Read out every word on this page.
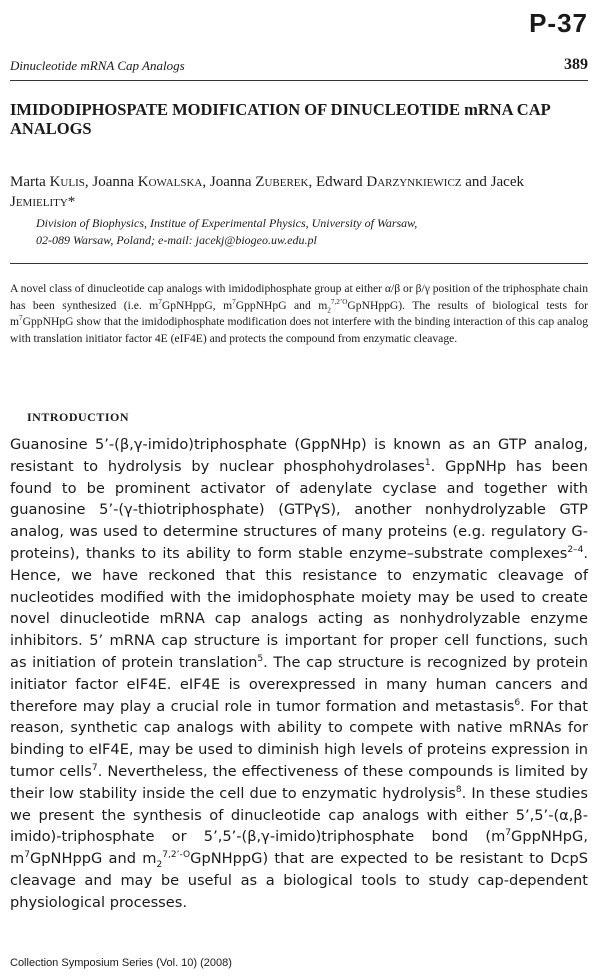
P-37
Dinucleotide mRNA Cap Analogs	389
IMIDODIPHOSPATE MODIFICATION OF DINUCLEOTIDE mRNA CAP ANALOGS
Marta Kulis, Joanna Kowalska, Joanna Zuberek, Edward Darzynkiewicz and Jacek Jemielity*
Division of Biophysics, Institue of Experimental Physics, University of Warsaw,
02-089 Warsaw, Poland; e-mail: jacekj@biogeo.uw.edu.pl
A novel class of dinucleotide cap analogs with imidodiphosphate group at either α/β or β/γ position of the triphosphate chain has been synthesized (i.e. $m^7GpNHppG$, $m^7GppNHpG$ and $m_2^{7,2’O}GpNHppG$). The results of biological tests for $m^7GppNHpG$ show that the imidodiphosphate modification does not interfere with the binding interaction of this cap analog with translation initiator factor 4E (eIF4E) and protects the compound from enzymatic cleavage.
INTRODUCTION

Guanosine 5’-(β,γ-imido)triphosphate (GppNHp) is known as an GTP analog, resistant to hydrolysis by nuclear phosphohydrolases$^1$. GppNHp has been found to be prominent activator of adenylate cyclase and together with guanosine 5’-(γ-thiotriphosphate) (GTPγS), another nonhydrolyzable GTP analog, was used to determine structures of many proteins (e.g. regulatory G-proteins), thanks to its ability to form stable enzyme–substrate complexes$^{2-4}$. Hence, we have reckoned that this resistance to enzymatic cleavage of nucleotides modified with the imidophosphate moiety may be used to create novel dinucleotide mRNA cap analogs acting as nonhydrolyzable enzyme inhibitors. 5’ mRNA cap structure is important for proper cell functions, such as initiation of protein translation$^5$. The cap structure is recognized by protein initiator factor eIF4E. eIF4E is overexpressed in many human cancers and therefore may play a crucial role in tumor formation and metastasis$^6$. For that reason, synthetic cap analogs with ability to compete with native mRNAs for binding to eIF4E, may be used to diminish high levels of proteins expression in tumor cells$^7$. Nevertheless, the effectiveness of these compounds is limited by their low stability inside the cell due to enzymatic hydrolysis$^8$. In these studies we present the synthesis of dinucleotide cap analogs with either 5’,5’-(α,β-imido)-triphosphate or 5’,5’-(β,γ-imido)triphosphate bond ($m^7GppNHpG$, $m^7GpNHppG$ and $m_2^{7,2’-O}GpNHppG$) that are expected to be resistant to DcpS cleavage and may be useful as a biological tools to study cap-dependent physiological processes.

Collection Symposium Series (Vol. 10) (2008)
